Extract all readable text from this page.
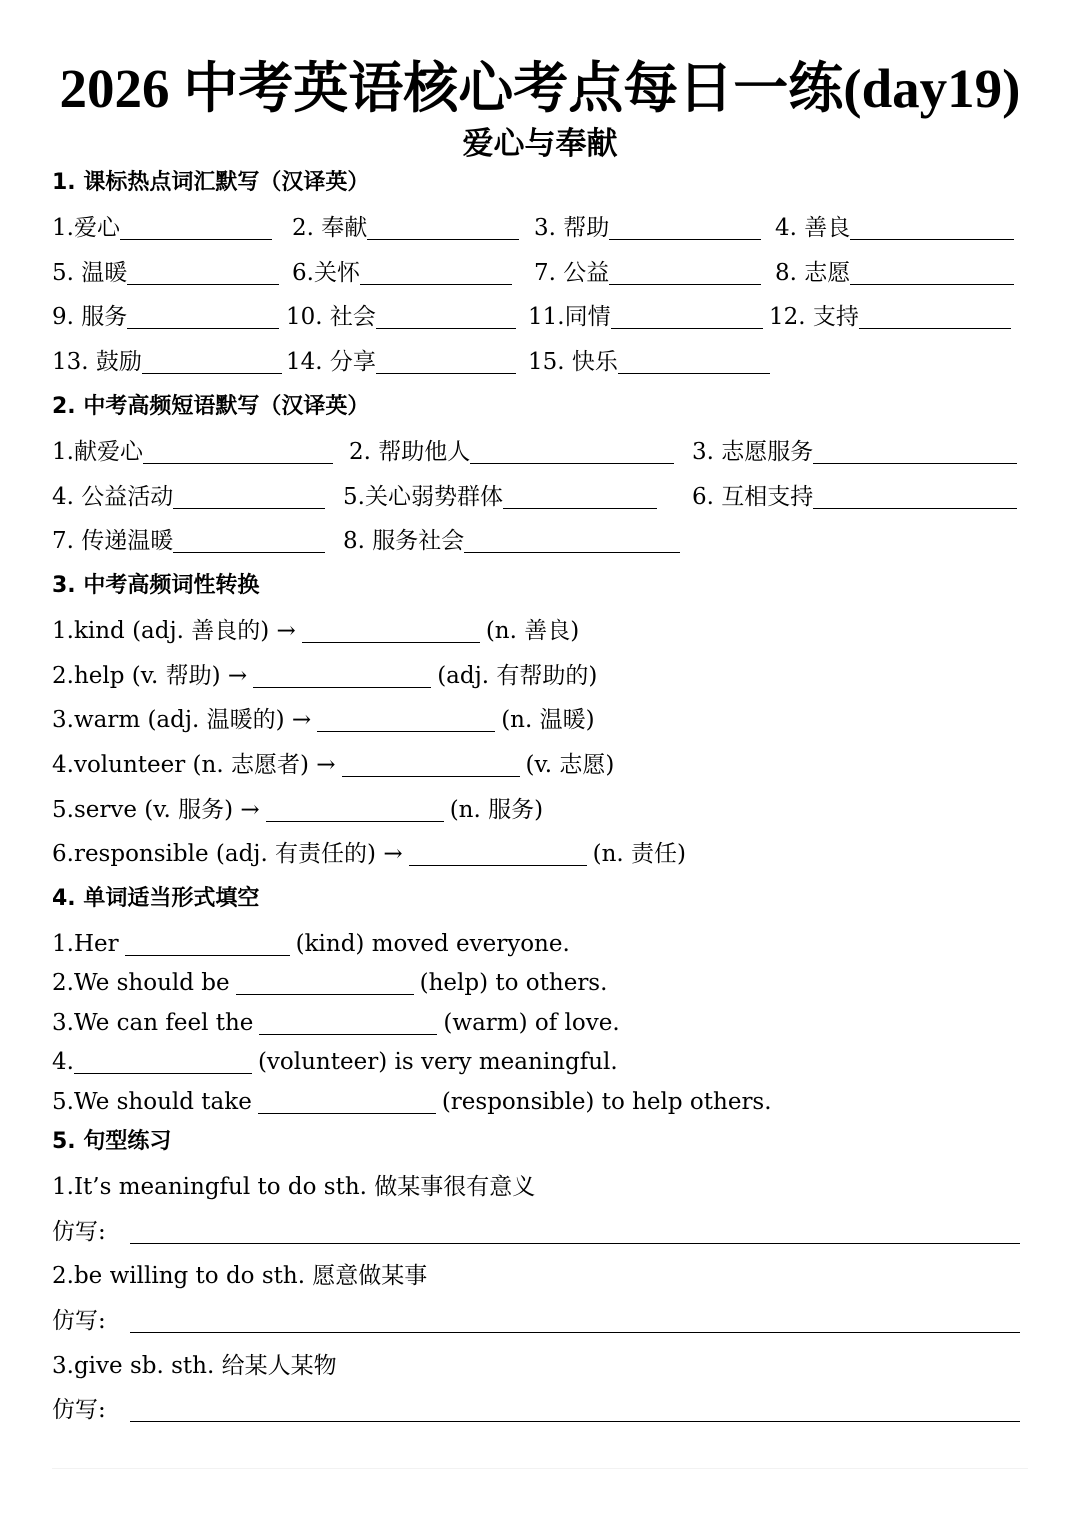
2026 中考英语核心考点每日一练(day19)
爱心与奉献
1. 课标热点词汇默写（汉译英）
1.爱心	2. 奉献	3. 帮助	4. 善良
5. 温暖	6.关怀	7. 公益	8. 志愿
9. 服务	10. 社会	11.同情	12. 支持
13. 鼓励	14. 分享	15. 快乐
2. 中考高频短语默写（汉译英）
1.献爱心	2. 帮助他人	3. 志愿服务
4. 公益活动	5.关心弱势群体	6. 互相支持
7. 传递温暖	8. 服务社会
3. 中考高频词性转换
1.kind (adj. 善良的) →	(n. 善良)
2.help (v. 帮助) →	(adj. 有帮助的)
3.warm (adj. 温暖的) →	(n. 温暖)
4.volunteer (n. 志愿者) →	(v. 志愿)
5.serve (v. 服务) →	(n. 服务)
6.responsible (adj. 有责任的) →	(n. 责任)
4. 单词适当形式填空
1.Her	(kind) moved everyone.
2.We should be	(help) to others.
3.We can feel the	(warm) of love.
4.	(volunteer) is very meaningful.
5.We should take	(responsible) to help others.
5. 句型练习
1.It’s meaningful to do sth. 做某事很有意义
仿写:
2.be willing to do sth. 愿意做某事
仿写:
3.give sb. sth. 给某人某物
仿写:
